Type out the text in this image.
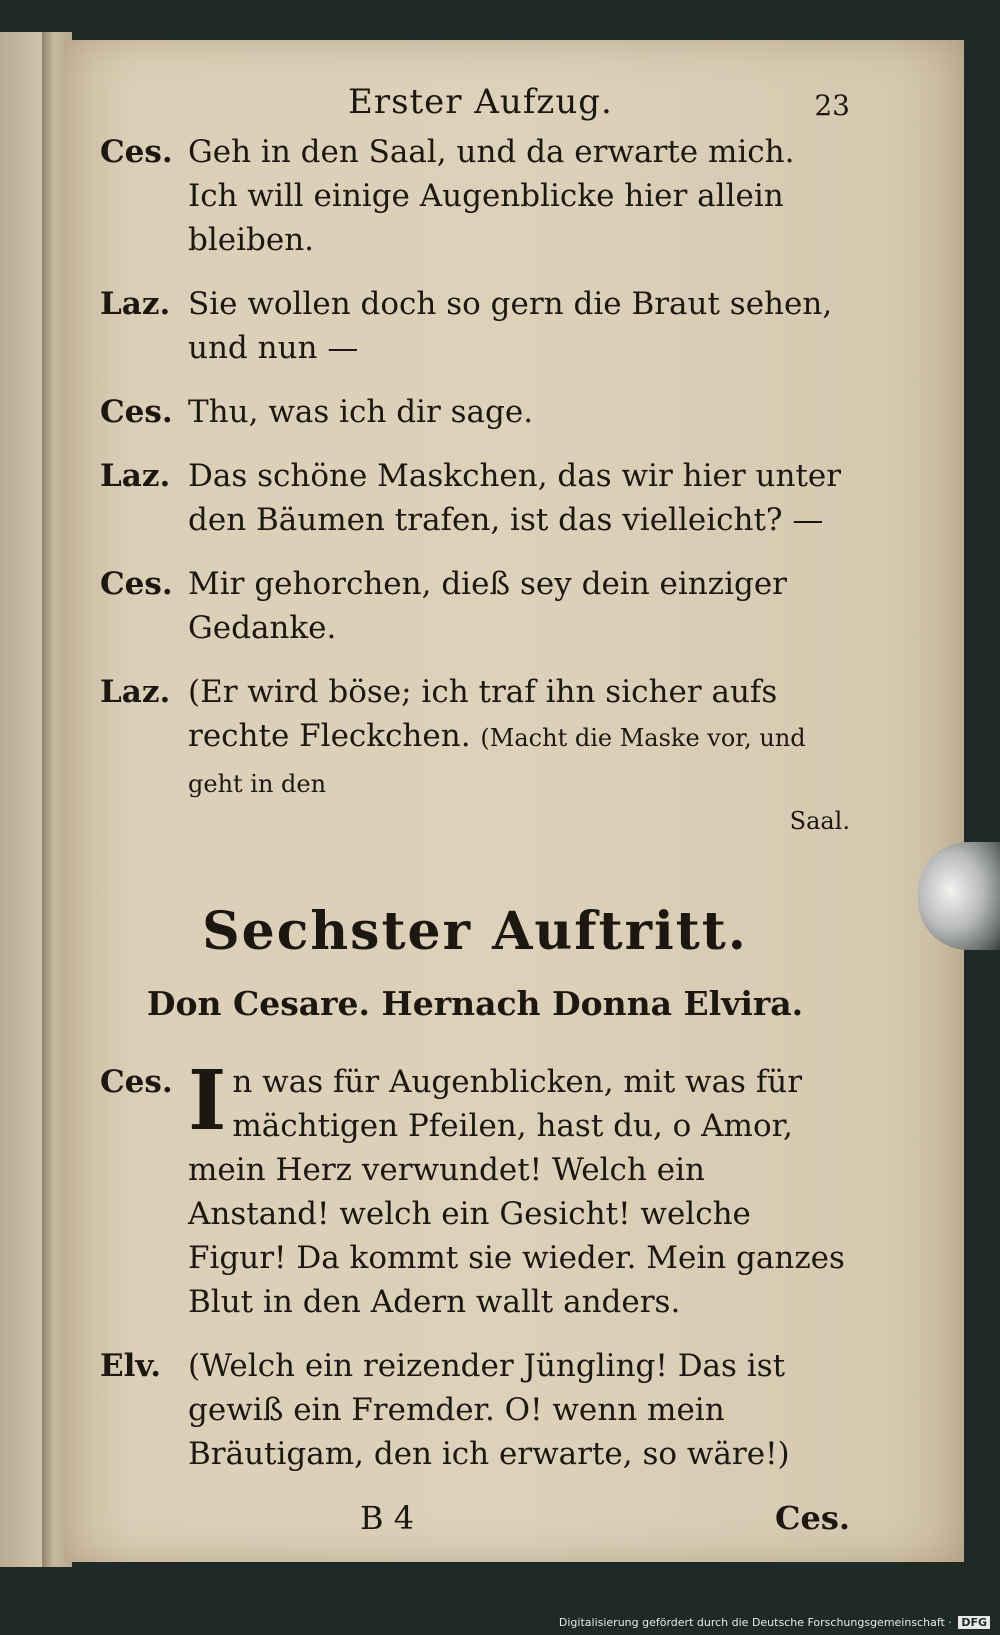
Erster Aufzug.	23
Ces. Geh in den Saal, und da erwarte mich. Ich will einige Augenblicke hier allein bleiben.
Laz. Sie wollen doch so gern die Braut sehen, und nun —
Ces. Thu, was ich dir sage.
Laz. Das schöne Maskchen, das wir hier unter den Bäumen trafen, ist das vielleicht? —
Ces. Mir gehorchen, dieß sey dein einziger Gedanke.
Laz. (Er wird böse; ich traf ihn sicher aufs rechte Fleckchen. (Macht die Maske vor, und geht in den
Saal.
Sechster Auftritt.
Don Cesare. Hernach Donna Elvira.
Ces. I n was für Augenblicken, mit was für mächtigen Pfeilen, hast du, o Amor, mein Herz verwundet! Welch ein Anstand! welch ein Gesicht! welche Figur! Da kommt sie wieder. Mein ganzes Blut in den Adern wallt anders.
Elv. (Welch ein reizender Jüngling! Das ist gewiß ein Fremder. O! wenn mein Bräutigam, den ich erwarte, so wäre!)
B 4	Ces.
Digitalisierung gefördert durch die Deutsche Forschungsgemeinschaft · DFG
